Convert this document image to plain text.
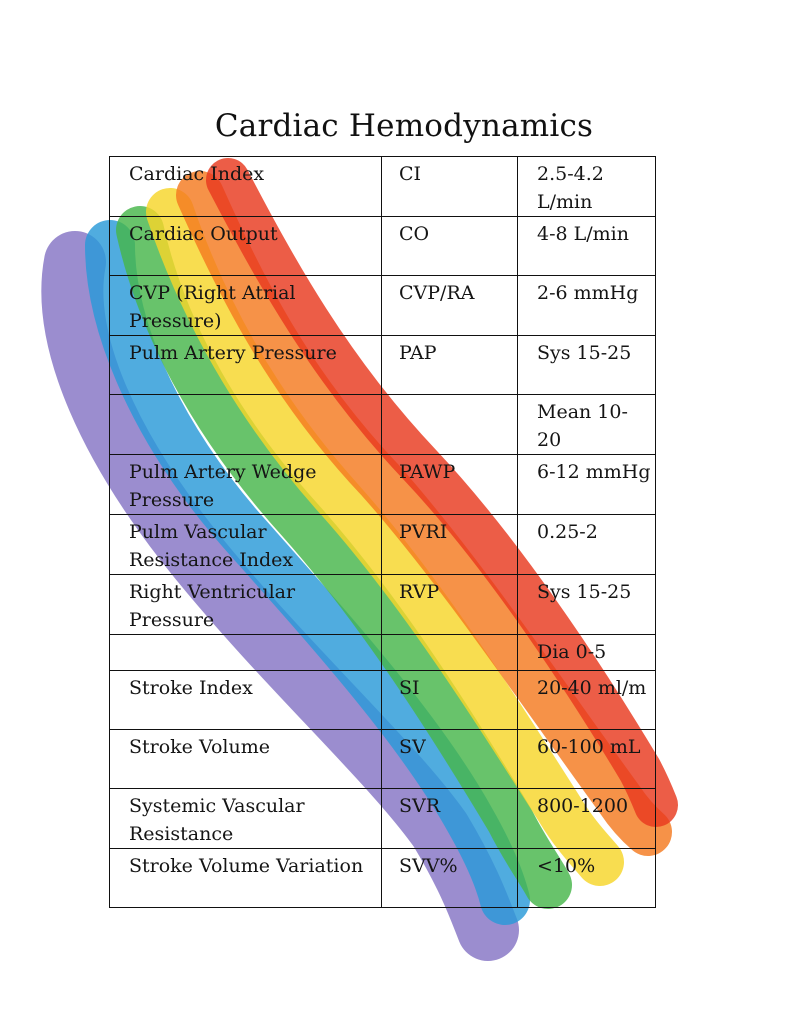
Cardiac Hemodynamics
Cardiac Index	CI	2.5-4.2 L/min
Cardiac Output	CO	4-8 L/min
CVP (Right Atrial Pressure)	CVP/RA	2-6 mmHg
Pulm Artery Pressure	PAP	Sys 15-25
		Mean 10-20
Pulm Artery Wedge Pressure	PAWP	6-12 mmHg
Pulm Vascular Resistance Index	PVRI	0.25-2
Right Ventricular Pressure	RVP	Sys 15-25
		Dia 0-5
Stroke Index	SI	20-40 ml/m
Stroke Volume	SV	60-100 mL
Systemic Vascular Resistance	SVR	800-1200
Stroke Volume Variation	SVV%	<10%
